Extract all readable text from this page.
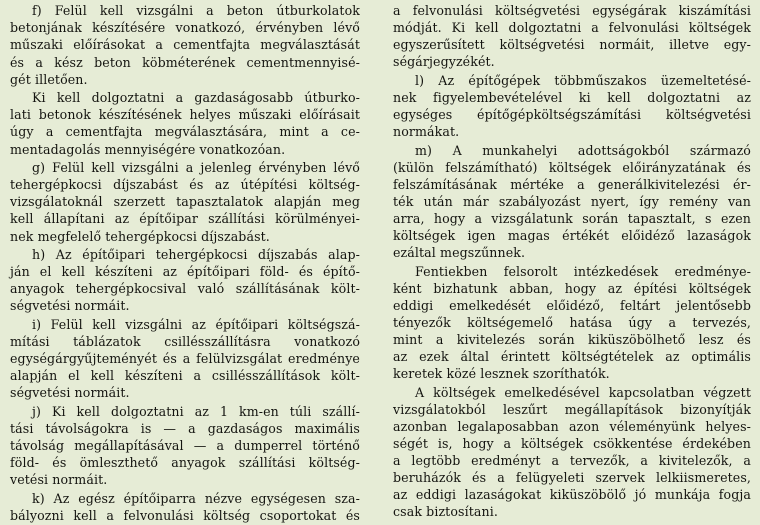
f) Felül kell vizsgálni a beton útburkolatok
betonjának készítésére vonatkozó, érvényben lévő
műszaki előírásokat a cementfajta megválasztását
és a kész beton köbméterének cementmennyisé-
gét illetően.
Ki kell dolgoztatni a gazdaságosabb útburko-
lati betonok készítésének helyes műszaki előírásait
úgy a cementfajta megválasztására, mint a ce-
mentadagolás mennyiségére vonatkozóan.
g) Felül kell vizsgálni a jelenleg érvényben lévő
tehergépkocsi díjszabást és az útépítési költség-
vizsgálatoknál szerzett tapasztalatok alapján meg
kell állapítani az építőipar szállítási körülményei-
nek megfelelő tehergépkocsi díjszabást.
h) Az építőipari tehergépkocsi díjszabás alap-
ján el kell készíteni az építőipari föld- és építő-
anyagok tehergépkocsival való szállításának költ-
ségvetési normáit.
i) Felül kell vizsgálni az építőipari költségszá-
mítási táblázatok csillésszállításra vonatkozó
egységárgyűjteményét és a felülvizsgálat eredménye
alapján el kell készíteni a csillésszállítások költ-
ségvetési normáit.
j) Ki kell dolgoztatni az 1 km-en túli szállí-
tási távolságokra is — a gazdaságos maximális
távolság megállapításával — a dumperrel történő
föld- és ömleszthető anyagok szállítási költség-
vetési normáit.
k) Az egész építőiparra nézve egységesen sza-
bályozni kell a felvonulási költség csoportokat és
a felvonulási költségvetési egységárak kiszámítási
módját. Ki kell dolgoztatni a felvonulási költségek
egyszerűsített költségvetési normáit, illetve egy-
ségárjegyzékét.
l) Az építőgépek többműszakos üzemeltetésé-
nek figyelembevételével ki kell dolgoztatni az
egységes építőgépköltségszámítási költségvetési
normákat.
m) A munkahelyi adottságokból származó
(külön felszámítható) költségek előirányzatának és
felszámításának mértéke a generálkivitelezési ér-
ték után már szabályozást nyert, így remény van
arra, hogy a vizsgálatunk során tapasztalt, s ezen
költségek igen magas értékét előidéző lazaságok
ezáltal megszűnnek.
Fentiekben felsorolt intézkedések eredménye-
ként bizhatunk abban, hogy az építési költségek
eddigi emelkedését előidéző, feltárt jelentősebb
tényezők költségemelő hatása úgy a tervezés,
mint a kivitelezés során kiküszöbölhető lesz és
az ezek által érintett költségtételek az optimális
keretek közé lesznek szoríthatók.
A költségek emelkedésével kapcsolatban végzett
vizsgálatokból leszűrt megállapítások bizonyítják
azonban legalaposabban azon véleményünk helyes-
ségét is, hogy a költségek csökkentése érdekében
a legtöbb eredményt a tervezők, a kivitelezők, a
beruházók és a felügyeleti szervek lelkiismeretes,
az eddigi lazaságokat kiküszöbölő jó munkája fogja
csak biztosítani.
